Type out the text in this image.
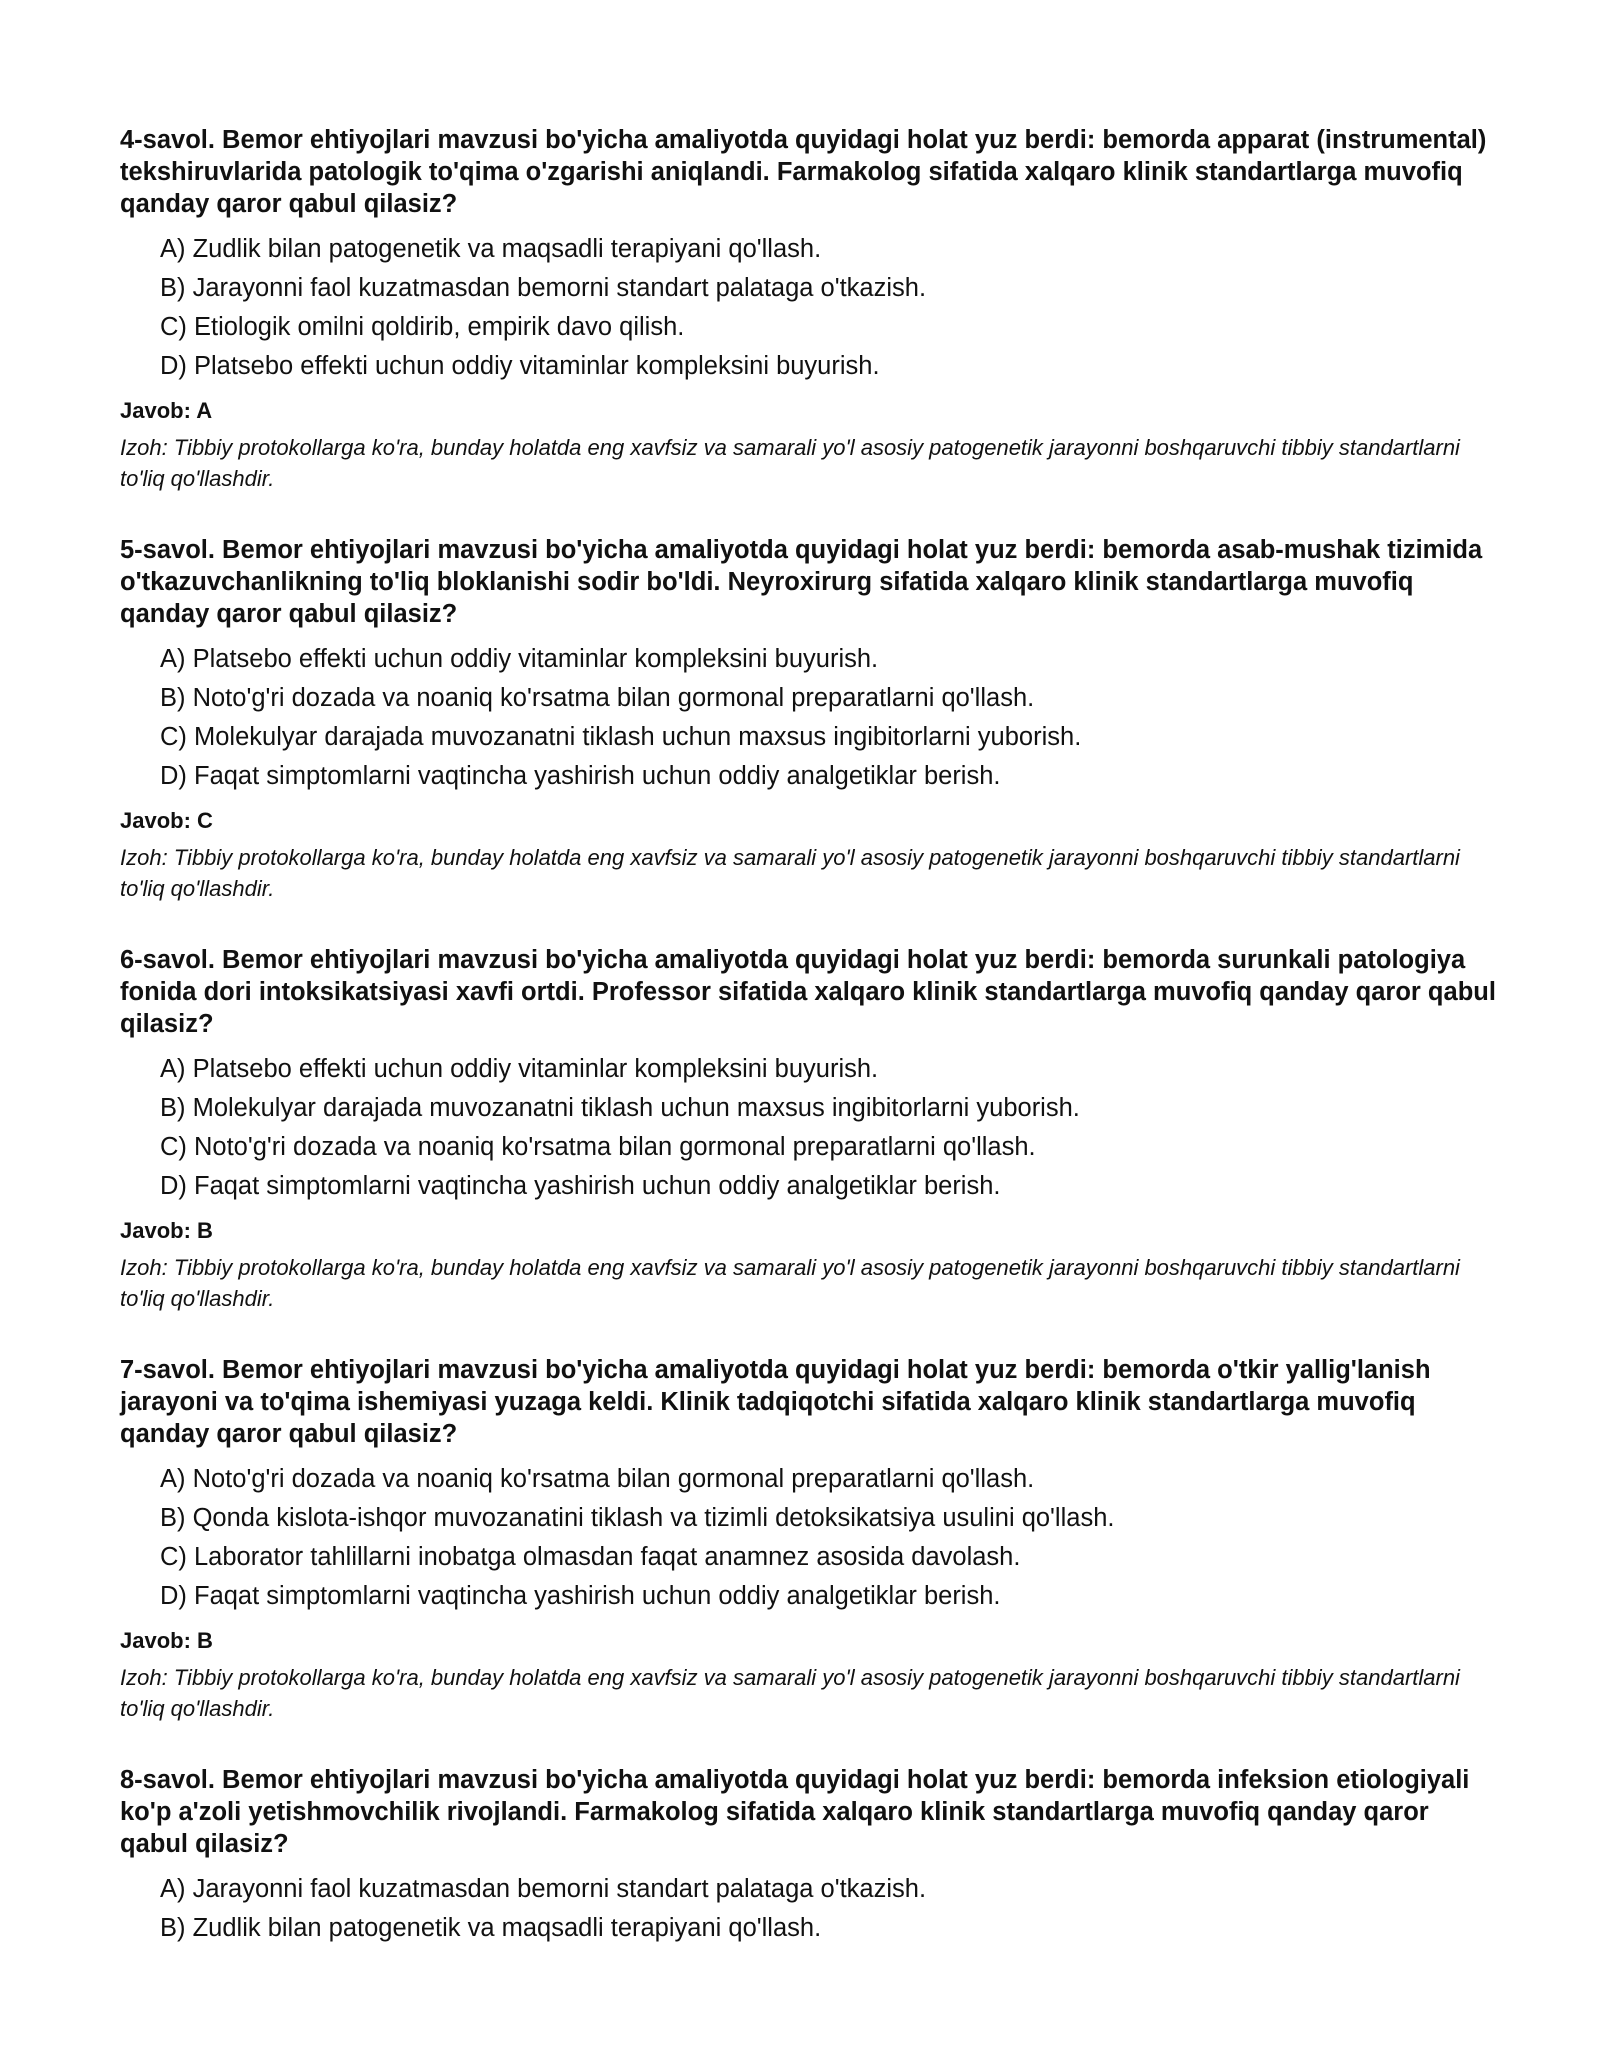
4-savol. Bemor ehtiyojlari mavzusi bo'yicha amaliyotda quyidagi holat yuz berdi: bemorda apparat (instrumental) tekshiruvlarida patologik to'qima o'zgarishi aniqlandi. Farmakolog sifatida xalqaro klinik standartlarga muvofiq qanday qaror qabul qilasiz?
A) Zudlik bilan patogenetik va maqsadli terapiyani qo'llash.
B) Jarayonni faol kuzatmasdan bemorni standart palataga o'tkazish.
C) Etiologik omilni qoldirib, empirik davo qilish.
D) Platsebo effekti uchun oddiy vitaminlar kompleksini buyurish.
Javob: A
Izoh: Tibbiy protokollarga ko'ra, bunday holatda eng xavfsiz va samarali yo'l asosiy patogenetik jarayonni boshqaruvchi tibbiy standartlarni to'liq qo'llashdir.
5-savol. Bemor ehtiyojlari mavzusi bo'yicha amaliyotda quyidagi holat yuz berdi: bemorda asab-mushak tizimida o'tkazuvchanlikning to'liq bloklanishi sodir bo'ldi. Neyroxirurg sifatida xalqaro klinik standartlarga muvofiq qanday qaror qabul qilasiz?
A) Platsebo effekti uchun oddiy vitaminlar kompleksini buyurish.
B) Noto'g'ri dozada va noaniq ko'rsatma bilan gormonal preparatlarni qo'llash.
C) Molekulyar darajada muvozanatni tiklash uchun maxsus ingibitorlarni yuborish.
D) Faqat simptomlarni vaqtincha yashirish uchun oddiy analgetiklar berish.
Javob: C
Izoh: Tibbiy protokollarga ko'ra, bunday holatda eng xavfsiz va samarali yo'l asosiy patogenetik jarayonni boshqaruvchi tibbiy standartlarni to'liq qo'llashdir.
6-savol. Bemor ehtiyojlari mavzusi bo'yicha amaliyotda quyidagi holat yuz berdi: bemorda surunkali patologiya fonida dori intoksikatsiyasi xavfi ortdi. Professor sifatida xalqaro klinik standartlarga muvofiq qanday qaror qabul qilasiz?
A) Platsebo effekti uchun oddiy vitaminlar kompleksini buyurish.
B) Molekulyar darajada muvozanatni tiklash uchun maxsus ingibitorlarni yuborish.
C) Noto'g'ri dozada va noaniq ko'rsatma bilan gormonal preparatlarni qo'llash.
D) Faqat simptomlarni vaqtincha yashirish uchun oddiy analgetiklar berish.
Javob: B
Izoh: Tibbiy protokollarga ko'ra, bunday holatda eng xavfsiz va samarali yo'l asosiy patogenetik jarayonni boshqaruvchi tibbiy standartlarni to'liq qo'llashdir.
7-savol. Bemor ehtiyojlari mavzusi bo'yicha amaliyotda quyidagi holat yuz berdi: bemorda o'tkir yallig'lanish jarayoni va to'qima ishemiyasi yuzaga keldi. Klinik tadqiqotchi sifatida xalqaro klinik standartlarga muvofiq qanday qaror qabul qilasiz?
A) Noto'g'ri dozada va noaniq ko'rsatma bilan gormonal preparatlarni qo'llash.
B) Qonda kislota-ishqor muvozanatini tiklash va tizimli detoksikatsiya usulini qo'llash.
C) Laborator tahlillarni inobatga olmasdan faqat anamnez asosida davolash.
D) Faqat simptomlarni vaqtincha yashirish uchun oddiy analgetiklar berish.
Javob: B
Izoh: Tibbiy protokollarga ko'ra, bunday holatda eng xavfsiz va samarali yo'l asosiy patogenetik jarayonni boshqaruvchi tibbiy standartlarni to'liq qo'llashdir.
8-savol. Bemor ehtiyojlari mavzusi bo'yicha amaliyotda quyidagi holat yuz berdi: bemorda infeksion etiologiyali ko'p a'zoli yetishmovchilik rivojlandi. Farmakolog sifatida xalqaro klinik standartlarga muvofiq qanday qaror qabul qilasiz?
A) Jarayonni faol kuzatmasdan bemorni standart palataga o'tkazish.
B) Zudlik bilan patogenetik va maqsadli terapiyani qo'llash.
